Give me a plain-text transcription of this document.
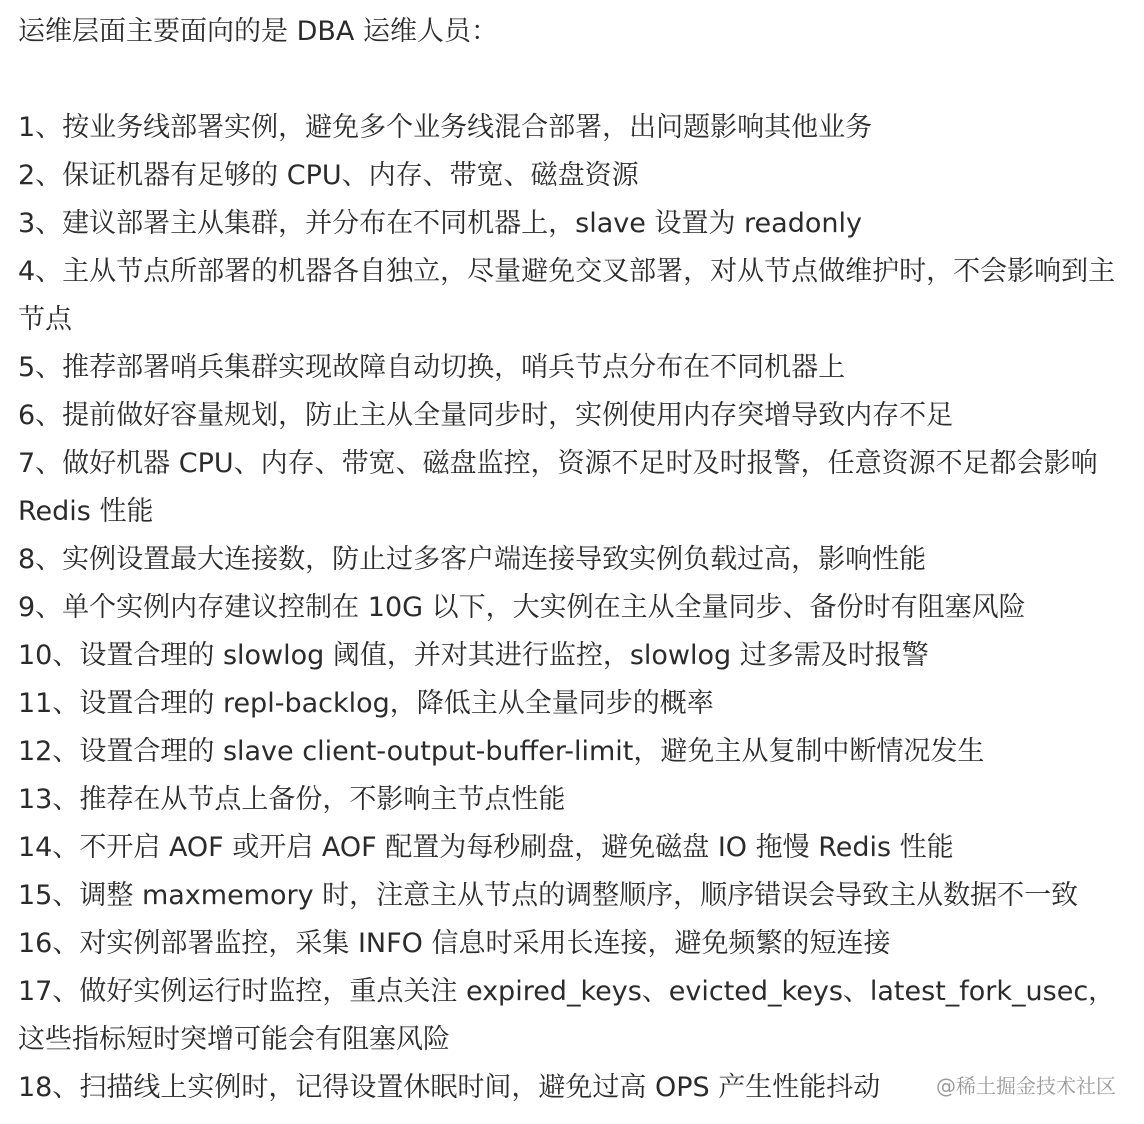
运维层面主要面向的是 DBA 运维人员：

1、按业务线部署实例，避免多个业务线混合部署，出问题影响其他业务

2、保证机器有足够的 CPU、内存、带宽、磁盘资源

3、建议部署主从集群，并分布在不同机器上，slave 设置为 readonly

4、主从节点所部署的机器各自独立，尽量避免交叉部署，对从节点做维护时，不会影响到主节点

5、推荐部署哨兵集群实现故障自动切换，哨兵节点分布在不同机器上

6、提前做好容量规划，防止主从全量同步时，实例使用内存突增导致内存不足

7、做好机器 CPU、内存、带宽、磁盘监控，资源不足时及时报警，任意资源不足都会影响 Redis 性能

8、实例设置最大连接数，防止过多客户端连接导致实例负载过高，影响性能

9、单个实例内存建议控制在 10G 以下，大实例在主从全量同步、备份时有阻塞风险

10、设置合理的 slowlog 阈值，并对其进行监控，slowlog 过多需及时报警

11、设置合理的 repl-backlog，降低主从全量同步的概率

12、设置合理的 slave client-output-buffer-limit，避免主从复制中断情况发生

13、推荐在从节点上备份，不影响主节点性能

14、不开启 AOF 或开启 AOF 配置为每秒刷盘，避免磁盘 IO 拖慢 Redis 性能

15、调整 maxmemory 时，注意主从节点的调整顺序，顺序错误会导致主从数据不一致

16、对实例部署监控，采集 INFO 信息时采用长连接，避免频繁的短连接

17、做好实例运行时监控，重点关注 expired_keys、evicted_keys、latest_fork_usec，这些指标短时突增可能会有阻塞风险

18、扫描线上实例时，记得设置休眠时间，避免过高 OPS 产生性能抖动	@稀土掘金技术社区
